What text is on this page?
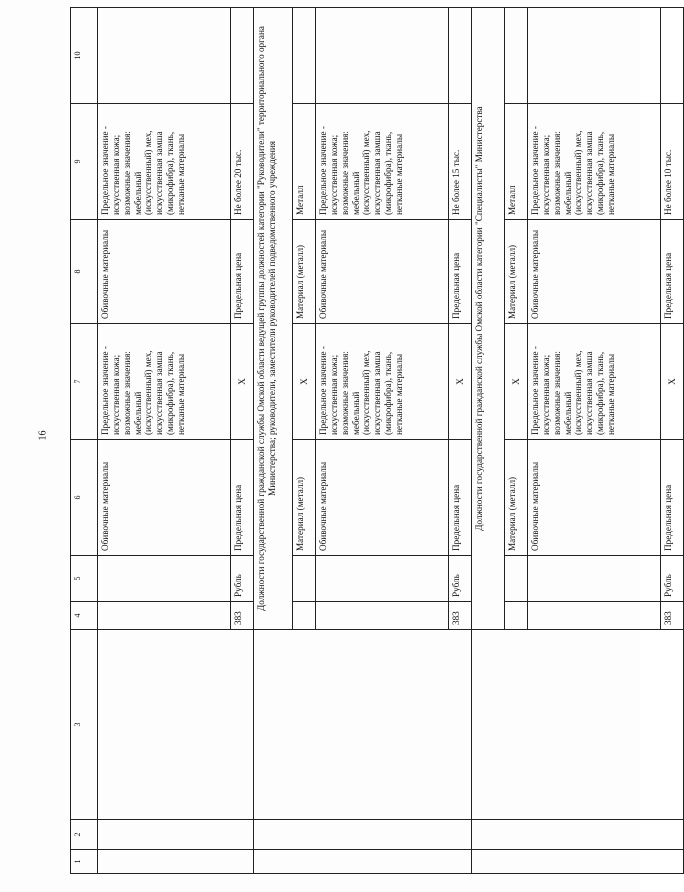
16
1	2	3	4	5	6	7	8	9	10
					Обивочные материалы	Предельное значение - искусственная кожа; возможные значения: мебельный (искусственный) мех, искусственная замша (микрофибра), ткань, нетканые материалы	Обивочные материалы	Предельное значение - искусственная кожа; возможные значения: мебельный (искусственный) мех, искусственная замша (микрофибра), ткань, нетканые материалы	
			383	Рубль	Предельная цена	X	Предельная цена	Не более 20 тыс.	
			Должности государственной гражданской службы Омской области ведущей группы должностей категории "Руководители" территориального органа Министерства; руководители, заместители руководителей подведомственного учреждения						
					Материал (металл)	X	Материал (металл)	Металл	
					Обивочные материалы	Предельное значение - искусственная кожа; возможные значения: мебельный (искусственный) мех, искусственная замша (микрофибра), ткань, нетканые материалы	Обивочные материалы	Предельное значение - искусственная кожа; возможные значения: мебельный (искусственный) мех, искусственная замша (микрофибра), ткань, нетканые материалы	
			383	Рубль	Предельная цена	X	Предельная цена	Не более 15 тыс.	
			Должности государственной гражданской службы Омской области категории "Специалисты" Министерства						
					Материал (металл)	X	Материал (металл)	Металл	
					Обивочные материалы	Предельное значение - искусственная кожа; возможные значения: мебельный (искусственный) мех, искусственная замша (микрофибра), ткань, нетканые материалы	Обивочные материалы	Предельное значение - искусственная кожа; возможные значения: мебельный (искусственный) мех, искусственная замша (микрофибра), ткань, нетканые материалы	
			383	Рубль	Предельная цена	X	Предельная цена	Не более 10 тыс.	
